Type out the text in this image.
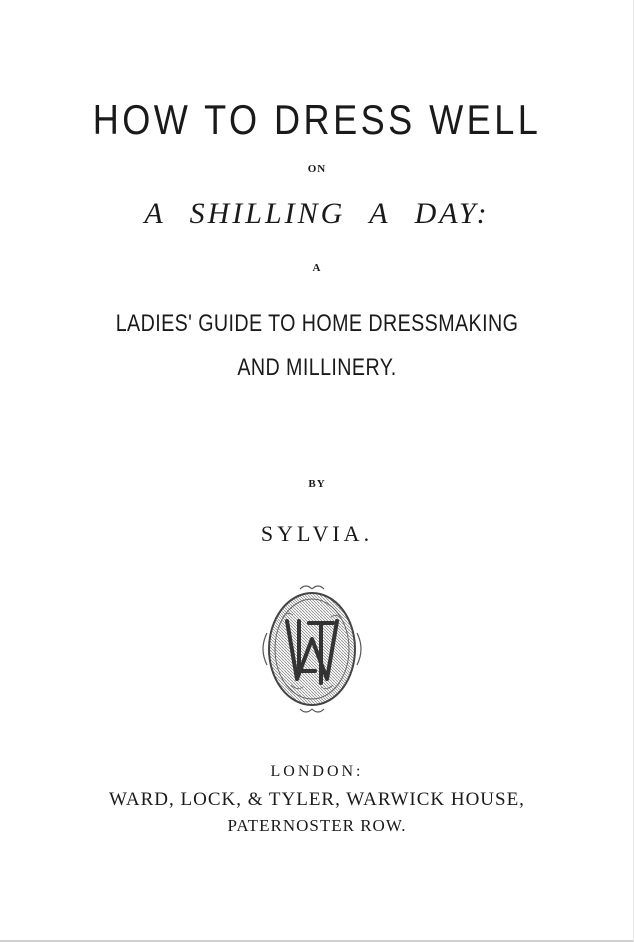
HOW TO DRESS WELL
ON
A SHILLING A DAY:
A
LADIES' GUIDE TO HOME DRESSMAKING
AND MILLINERY.
BY
SYLVIA.
LONDON:
WARD, LOCK, & TYLER, WARWICK HOUSE,
PATERNOSTER ROW.
